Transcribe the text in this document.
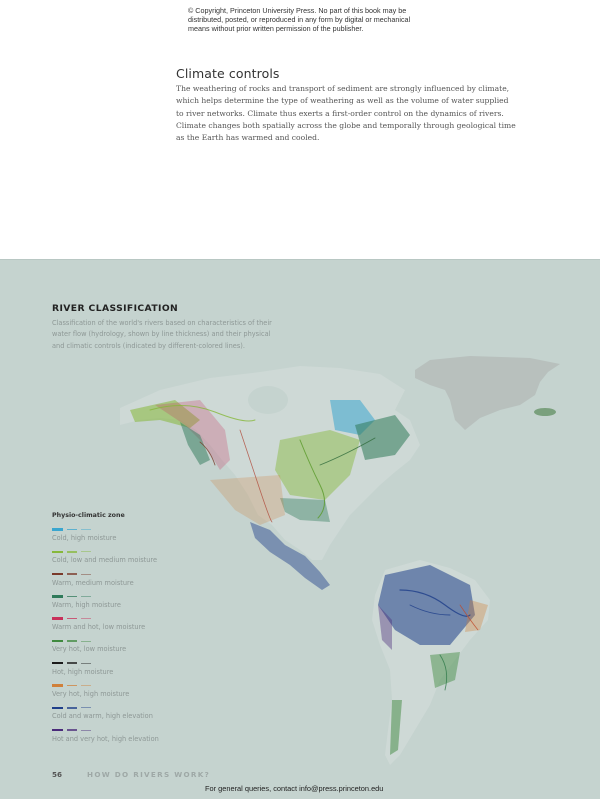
© Copyright, Princeton University Press. No part of this book may be distributed, posted, or reproduced in any form by digital or mechanical means without prior written permission of the publisher.
Climate controls

The weathering of rocks and transport of sediment are strongly influenced by climate, which helps determine the type of weathering as well as the volume of water supplied to river networks. Climate thus exerts a first-order control on the dynamics of rivers. Climate changes both spatially across the globe and temporally through geological time as the Earth has warmed and cooled.

RIVER CLASSIFICATION
Classification of the world's rivers based on characteristics of their water flow (hydrology, shown by line thickness) and their physical and climatic controls (indicated by different-colored lines).
Physio-climatic zone
Cold, high moisture
Cold, low and medium moisture
Warm, medium moisture
Warm, high moisture
Warm and hot, low moisture
Very hot, low moisture
Hot, high moisture
Very hot, high moisture
Cold and warm, high elevation
Hot and very hot, high elevation
56	HOW DO RIVERS WORK?
For general queries, contact info@press.princeton.edu
